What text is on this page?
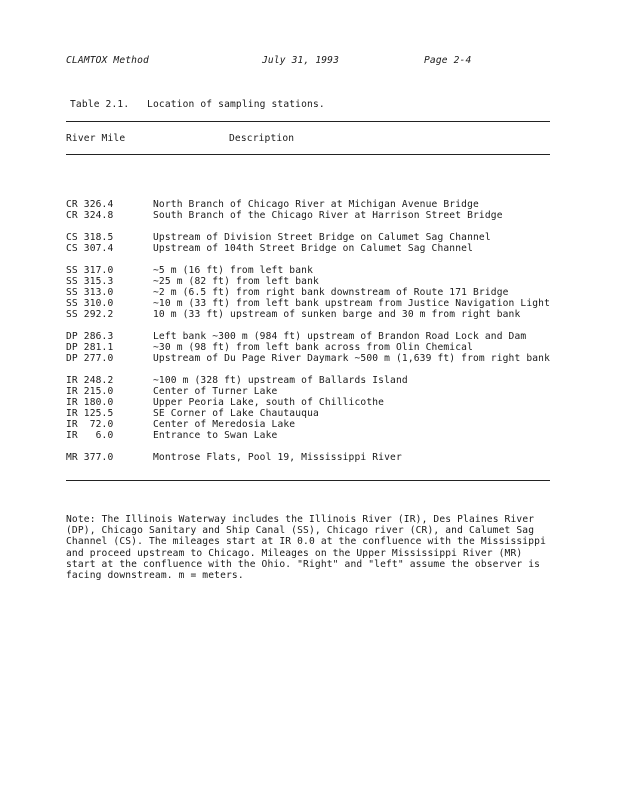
CLAMTOX Method	July 31, 1993	Page 2-4
Table 2.1.   Location of sampling stations.
River Mile	Description
CR 326.4	North Branch of Chicago River at Michigan Avenue Bridge
CR 324.8	South Branch of the Chicago River at Harrison Street Bridge
CS 318.5	Upstream of Division Street Bridge on Calumet Sag Channel
CS 307.4	Upstream of 104th Street Bridge on Calumet Sag Channel
SS 317.0	~5 m (16 ft) from left bank
SS 315.3	~25 m (82 ft) from left bank
SS 313.0	~2 m (6.5 ft) from right bank downstream of Route 171 Bridge
SS 310.0	~10 m (33 ft) from left bank upstream from Justice Navigation Light
SS 292.2	10 m (33 ft) upstream of sunken barge and 30 m from right bank
DP 286.3	Left bank ~300 m (984 ft) upstream of Brandon Road Lock and Dam
DP 281.1	~30 m (98 ft) from left bank across from Olin Chemical
DP 277.0	Upstream of Du Page River Daymark ~500 m (1,639 ft) from right bank
IR 248.2	~100 m (328 ft) upstream of Ballards Island
IR 215.0	Center of Turner Lake
IR 180.0	Upper Peoria Lake, south of Chillicothe
IR 125.5	SE Corner of Lake Chautauqua
IR  72.0	Center of Meredosia Lake
IR   6.0	Entrance to Swan Lake
MR 377.0	Montrose Flats, Pool 19, Mississippi River
Note: The Illinois Waterway includes the Illinois River (IR), Des Plaines River (DP), Chicago Sanitary and Ship Canal (SS), Chicago river (CR), and Calumet Sag Channel (CS). The mileages start at IR 0.0 at the confluence with the Mississippi and proceed upstream to Chicago. Mileages on the Upper Mississippi River (MR) start at the confluence with the Ohio. "Right" and "left" assume the observer is facing downstream. m = meters.
